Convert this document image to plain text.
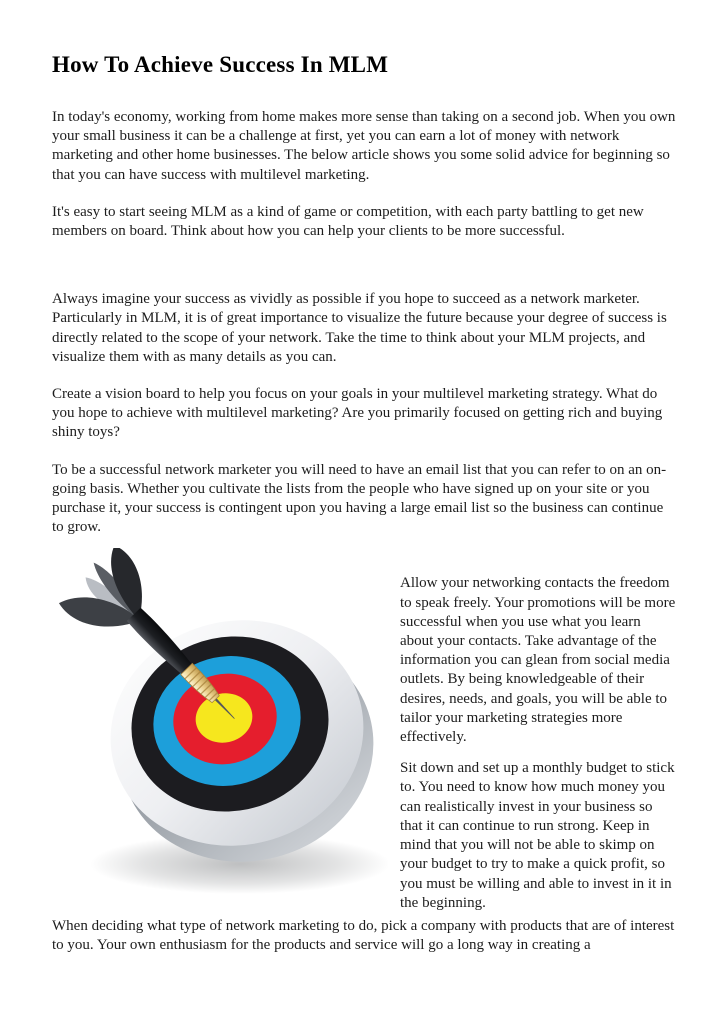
How To Achieve Success In MLM

In today's economy, working from home makes more sense than taking on a second job. When you own your small business it can be a challenge at first, yet you can earn a lot of money with network marketing and other home businesses. The below article shows you some solid advice for beginning so that you can have success with multilevel marketing.

It's easy to start seeing MLM as a kind of game or competition, with each party battling to get new members on board. Think about how you can help your clients to be more successful.

Always imagine your success as vividly as possible if you hope to succeed as a network marketer. Particularly in MLM, it is of great importance to visualize the future because your degree of success is directly related to the scope of your network. Take the time to think about your MLM projects, and visualize them with as many details as you can.

Create a vision board to help you focus on your goals in your multilevel marketing strategy. What do you hope to achieve with multilevel marketing? Are you primarily focused on getting rich and buying shiny toys?

To be a successful network marketer you will need to have an email list that you can refer to on an on-going basis. Whether you cultivate the lists from the people who have signed up on your site or you purchase it, your success is contingent upon you having a large email list so the business can continue to grow.

Allow your networking contacts the freedom to speak freely. Your promotions will be more successful when you use what you learn about your contacts. Take advantage of the information you can glean from social media outlets. By being knowledgeable of their desires, needs, and goals, you will be able to tailor your marketing strategies more effectively.

Sit down and set up a monthly budget to stick to. You need to know how much money you can realistically invest in your business so that it can continue to run strong. Keep in mind that you will not be able to skimp on your budget to try to make a quick profit, so you must be willing and able to invest in it in the beginning.

When deciding what type of network marketing to do, pick a company with products that are of interest to you. Your own enthusiasm for the products and service will go a long way in creating a
